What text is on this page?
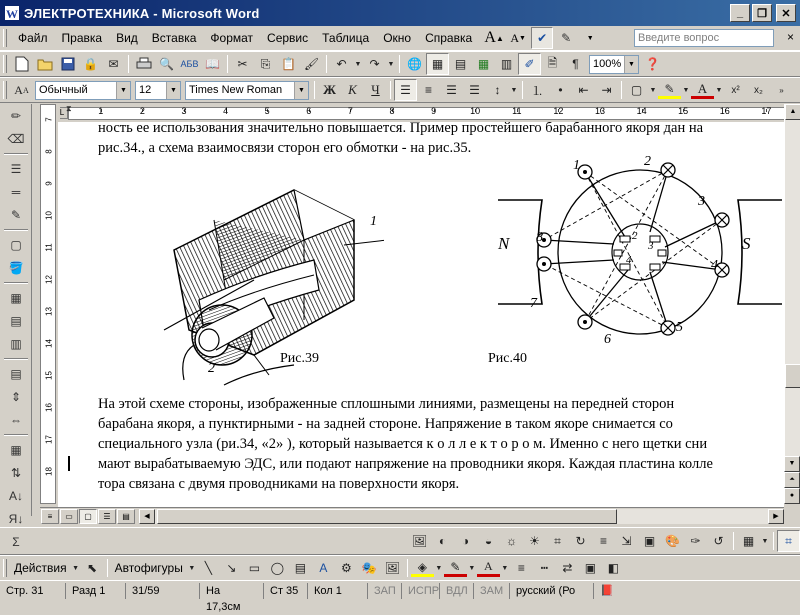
W ЭЛЕКТРОТЕХНИКА - Microsoft Word	_	❐	✕
Файл	Правка	Вид	Вставка	Формат	Сервис	Таблица	Окно	Справка A ▲ A ▼ ✔	✎	▼	Введите вопрос	×
🔒 ✉	🔍 АБВ 📖	✂	⎘ 📋 🖌	↶	▼ ↷	▼	🌐 ▦ ▤ ▦ ▥	✐	🗎	¶	100% ▼ ❓
A A Обычный	▼ 12	▼ Times New Roman	▼	Ж К	Ч	☰	≡	☰	☰	↕	▼	⒈	•	⇤	⇥	▢	▼ ✎	▼ A	▼ x²	x₂	»
✏
⌫
☰
═
✎
▢
🪣
▦
▤
▥
▤
⇕
⇔
▦
⇅
A↓
Я↓
Σ
L ⧗	1	2	3	4	5	6	7	8	9	10	11	12	13	14	15	16	17
7
8
9
10
11
12
13
14
15
16
17
18
ность ее использования значительно повышается. Пример простейшего барабанного якоря дан на
рис.34., а схема взаимосвязи сторон его обмотки - на рис.35.
1
2
Рис.39
1	2
3
4
5
6
7
8
N	S
2
3
4
Рис.40
На этой схеме стороны, изображенные сплошными линиями, размещены на передней сторон
барабана якоря, а пунктирными - на задней стороне. Напряжение в таком якоре снимается со
специального узла (ри.34, «2» ), который называется к о л л е к т о р о м. Именно с него щетки сни
мают вырабатываемую ЭДС, или подают напряжение на проводники якоря. Каждая пластина колле
тора связана с двумя проводниками на поверхности якоря.
▲
▼
⏶
●
≡	▭	▢	☰	▤	◀	▶
🖼 ◐	◑	◒	☼	☀	⌗	↻	≡	⇲	▣ 🎨 ✑	↺	▦	▼	⌗
Действия ▼ ⬉	Автофигуры ▼ ╲	↘	▭ ◯ ▤	A	⚙ 🎭 🖼	◈	▼ ✎	▼ A	▼ ≡	┅	⇄	▣ ◧
Стр. 31	Разд 1	31/59	На 17,3см
Ст 35	Кол 1	ЗАП	ИСПР ВДЛ	ЗАМ	русский (Ро	📕
